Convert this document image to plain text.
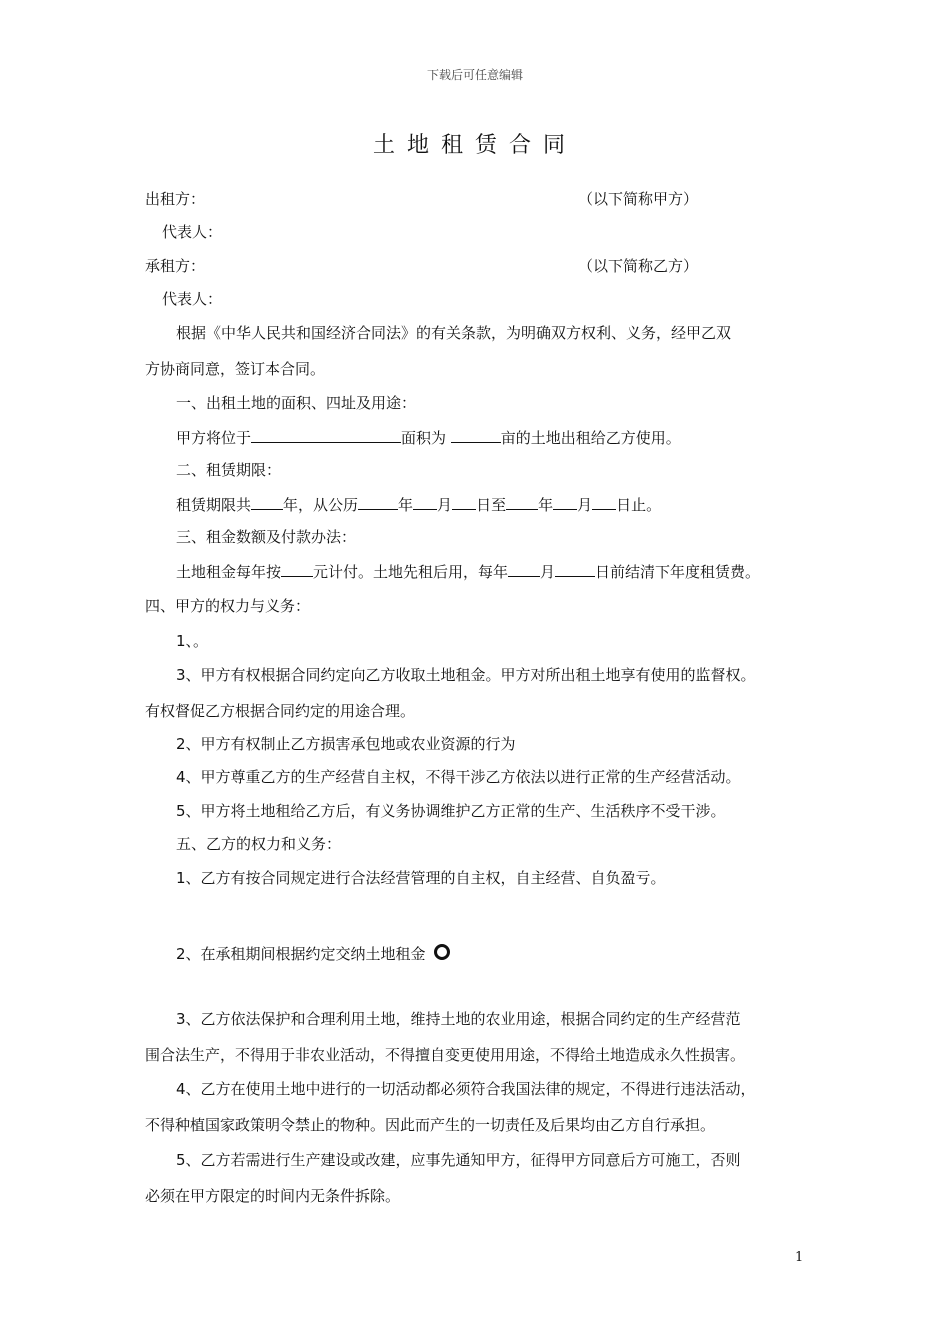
下载后可任意编辑
土地租赁合同
出租方：	（以下简称甲方）
代表人：
承租方：	（以下简称乙方）
代表人：
根据《中华人民共和国经济合同法》的有关条款，为明确双方权利、义务，经甲乙双
方协商同意，签订本合同。
一、出租土地的面积、四址及用途：
甲方将位于	面积为	亩的土地出租给乙方使用。
二、租赁期限：
租赁期限共 年，从公历	年 月 日至 年 月 日止。
三、租金数额及付款办法：
土地租金每年按 元计付。土地先租后用，每年 月	日前结清下年度租赁费。
四、甲方的权力与义务：
1、。
3、甲方有权根据合同约定向乙方收取土地租金。甲方对所出租土地享有使用的监督权。
有权督促乙方根据合同约定的用途合理。
2、甲方有权制止乙方损害承包地或农业资源的行为
4、甲方尊重乙方的生产经营自主权，不得干涉乙方依法以进行正常的生产经营活动。
5、甲方将土地租给乙方后，有义务协调维护乙方正常的生产、生活秩序不受干涉。
五、乙方的权力和义务：
1、乙方有按合同规定进行合法经营管理的自主权，自主经营、自负盈亏。
2、在承租期间根据约定交纳土地租金
3、乙方依法保护和合理利用土地，维持土地的农业用途，根据合同约定的生产经营范
围合法生产，不得用于非农业活动，不得擅自变更使用用途，不得给土地造成永久性损害。
4、乙方在使用土地中进行的一切活动都必须符合我国法律的规定，不得进行违法活动，
不得种植国家政策明令禁止的物种。因此而产生的一切责任及后果均由乙方自行承担。
5、乙方若需进行生产建设或改建，应事先通知甲方，征得甲方同意后方可施工，否则
必须在甲方限定的时间内无条件拆除。
1
